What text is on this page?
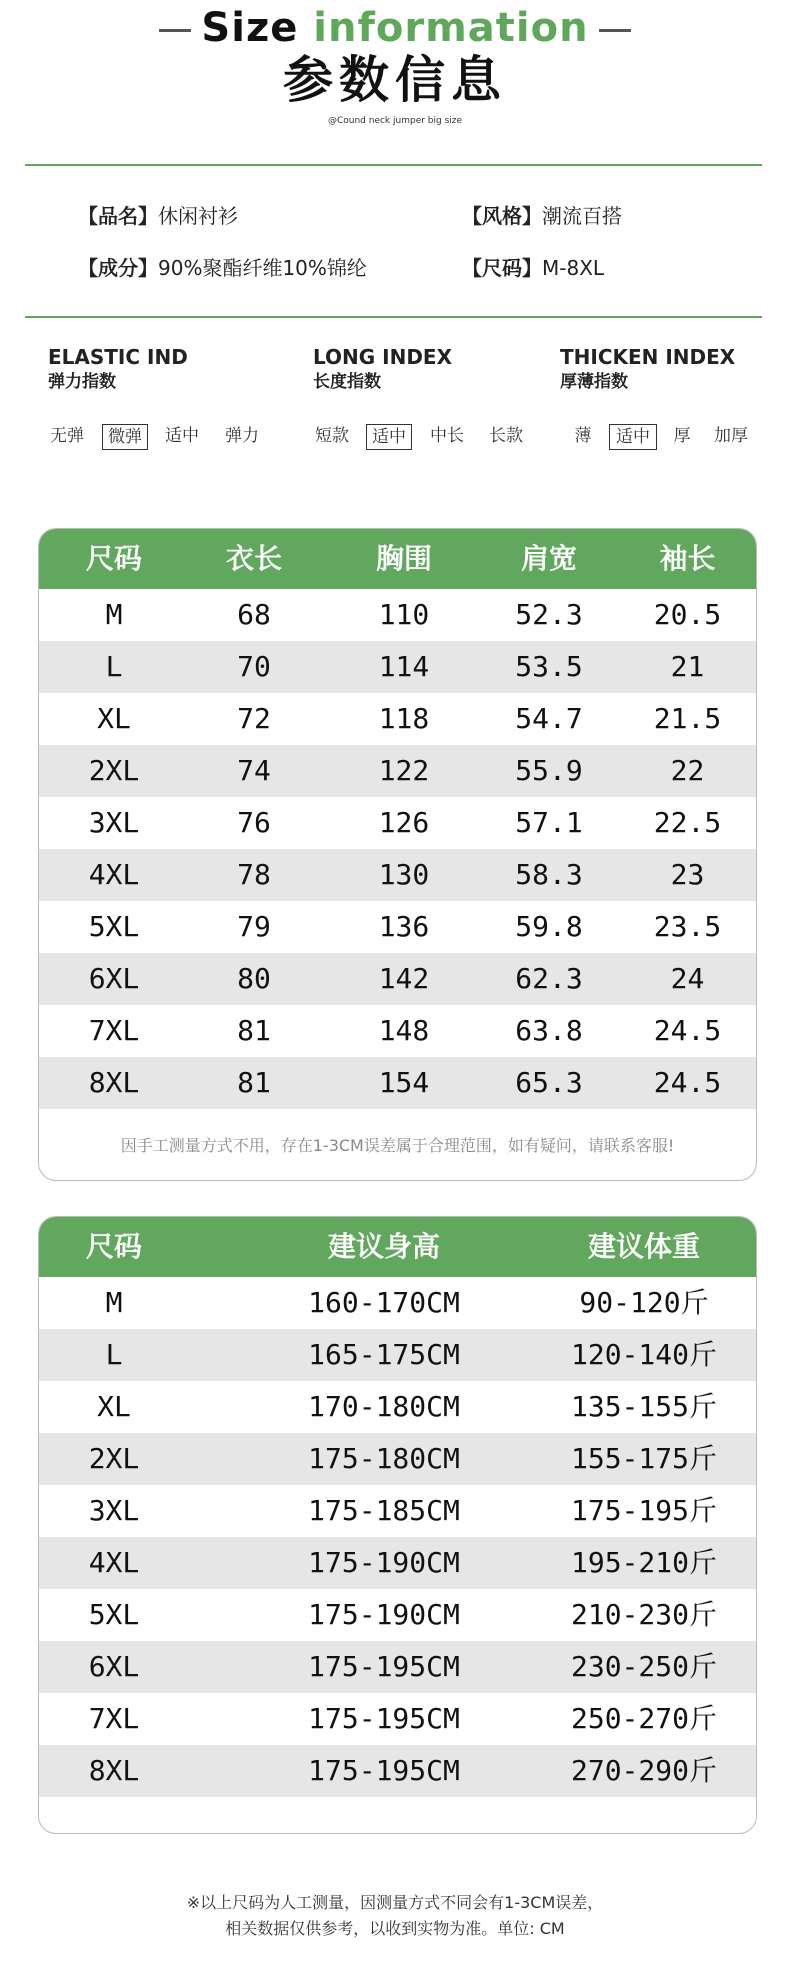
Size information
参数信息
@Cound neck jumper big size
【品名】休闲衬衫	【风格】潮流百搭
【成分】90%聚酯纤维10%锦纶	【尺码】M-8XL
ELASTIC IND
弹力指数
无弹	微弹	适中 弹力
LONG INDEX
长度指数
短款	适中	中长 长款
THICKEN INDEX
厚薄指数
薄	适中	厚 加厚
尺码	衣长	胸围	肩宽	袖长
M	68	110	52.3	20.5
L	70	114	53.5	21
XL	72	118	54.7	21.5
2XL	74	122	55.9	22
3XL	76	126	57.1	22.5
4XL	78	130	58.3	23
5XL	79	136	59.8	23.5
6XL	80	142	62.3	24
7XL	81	148	63.8	24.5
8XL	81	154	65.3	24.5
因手工测量方式不用，存在1-3CM误差属于合理范围，如有疑问，请联系客服!
尺码	建议身高	建议体重
M	160-170CM	90-120斤
L	165-175CM	120-140斤
XL	170-180CM	135-155斤
2XL	175-180CM	155-175斤
3XL	175-185CM	175-195斤
4XL	175-190CM	195-210斤
5XL	175-190CM	210-230斤
6XL	175-195CM	230-250斤
7XL	175-195CM	250-270斤
8XL	175-195CM	270-290斤
※以上尺码为人工测量，因测量方式不同会有1-3CM误差，
相关数据仅供参考，以收到实物为准。单位: CM
